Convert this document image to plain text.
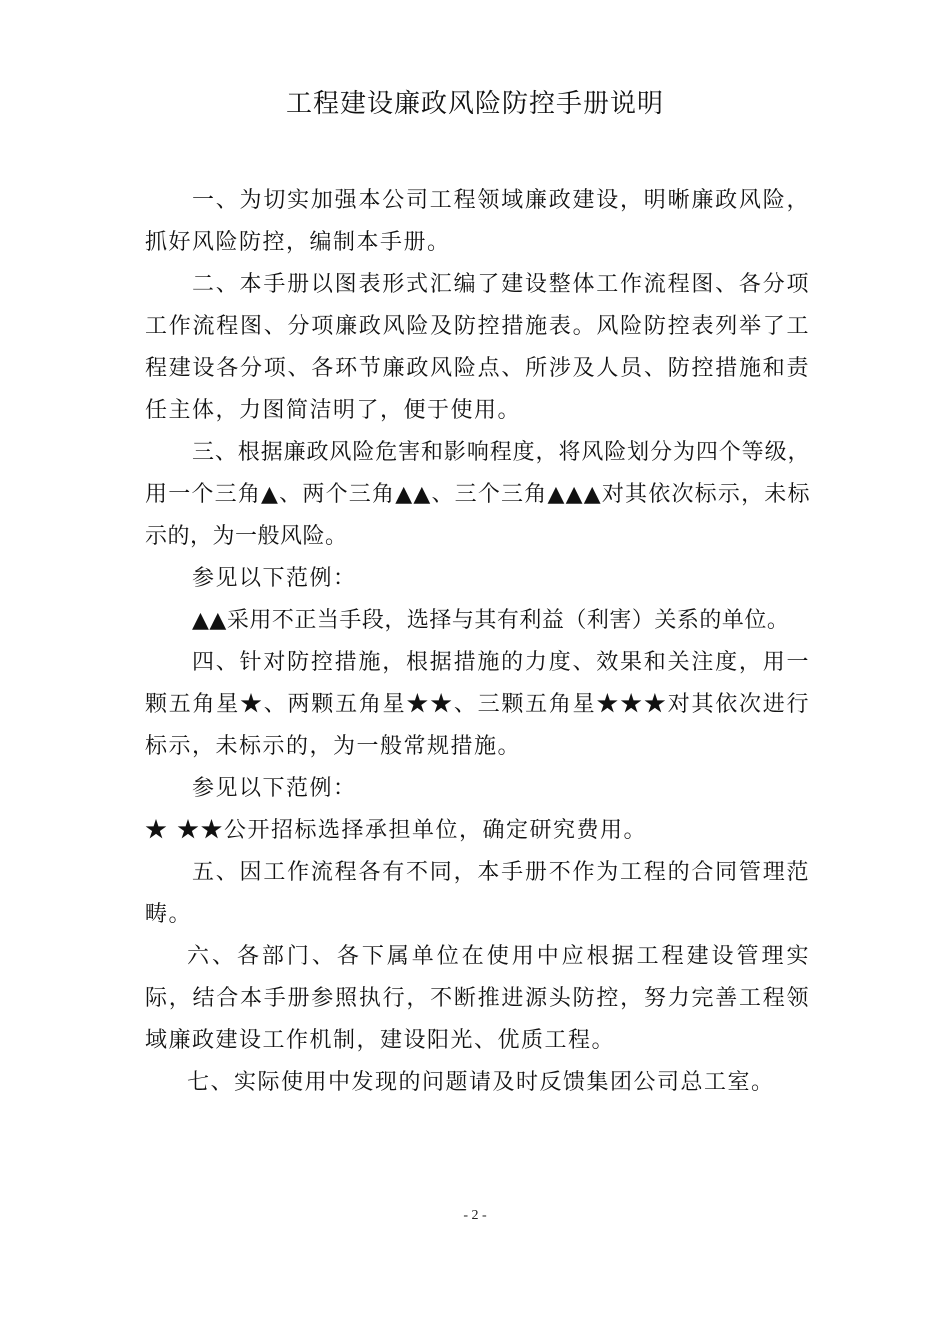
工程建设廉政风险防控手册说明

一、为切实加强本公司工程领域廉政建设，明晰廉政风险，抓好风险防控，编制本手册。

二、本手册以图表形式汇编了建设整体工作流程图、各分项工作流程图、分项廉政风险及防控措施表。风险防控表列举了工程建设各分项、各环节廉政风险点、所涉及人员、防控措施和责任主体，力图简洁明了，便于使用。

三、根据廉政风险危害和影响程度，将风险划分为四个等级，用一个三角▲、两个三角▲▲、三个三角▲▲▲对其依次标示，未标示的，为一般风险。

参见以下范例：

▲▲采用不正当手段，选择与其有利益（利害）关系的单位。

四、针对防控措施，根据措施的力度、效果和关注度，用一颗五角星★、两颗五角星★★、三颗五角星★★★对其依次进行标示，未标示的，为一般常规措施。

参见以下范例：

★ ★★公开招标选择承担单位，确定研究费用。

五、因工作流程各有不同，本手册不作为工程的合同管理范畴。

六、各部门、各下属单位在使用中应根据工程建设管理实际，结合本手册参照执行，不断推进源头防控，努力完善工程领域廉政建设工作机制，建设阳光、优质工程。

七、实际使用中发现的问题请及时反馈集团公司总工室。

- 2 -
